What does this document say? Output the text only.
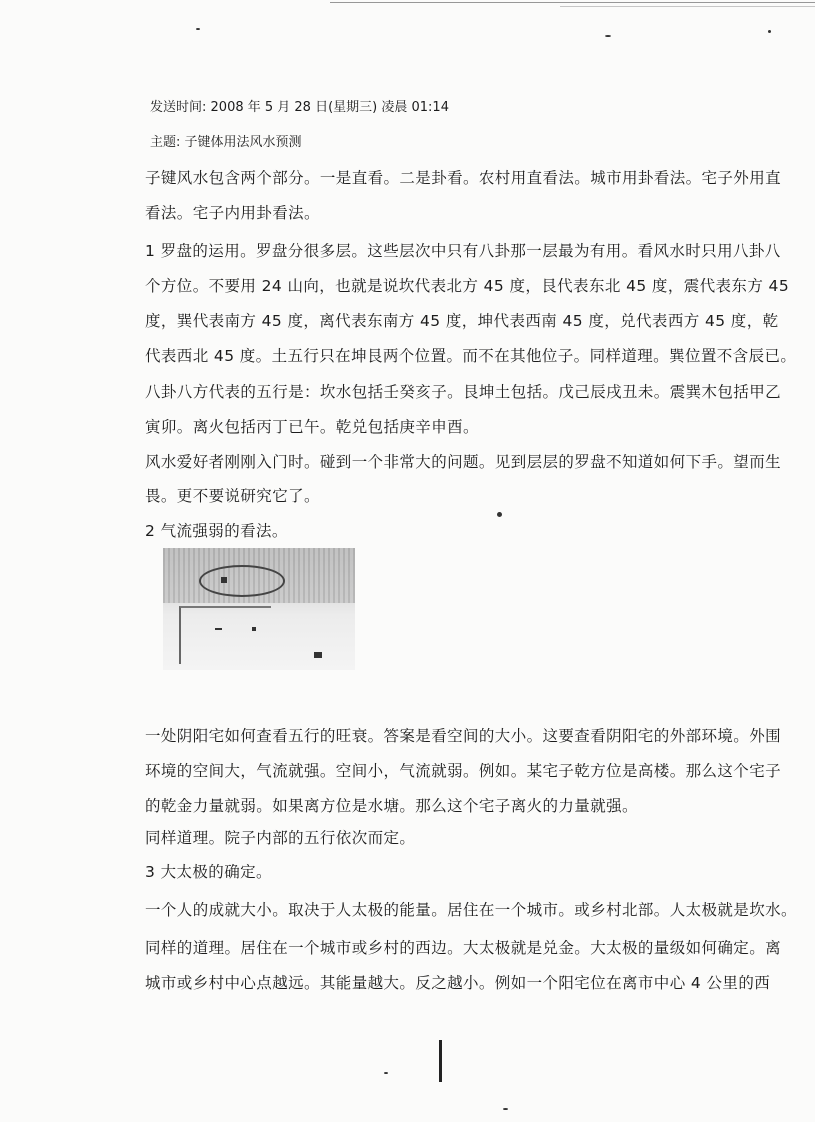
发送时间: 2008 年 5 月 28 日(星期三) 凌晨 01:14
主题: 子键体用法风水预测
子键风水包含两个部分。一是直看。二是卦看。农村用直看法。城市用卦看法。宅子外用直
看法。宅子内用卦看法。
1 罗盘的运用。罗盘分很多层。这些层次中只有八卦那一层最为有用。看风水时只用八卦八
个方位。不要用 24 山向，也就是说坎代表北方 45 度，艮代表东北 45 度，震代表东方 45
度，巽代表南方 45 度，离代表东南方 45 度，坤代表西南 45 度，兑代表西方 45 度，乾
代表西北 45 度。土五行只在坤艮两个位置。而不在其他位子。同样道理。巽位置不含辰已。
八卦八方代表的五行是：坎水包括壬癸亥子。艮坤土包括。戊己辰戌丑未。震巽木包括甲乙
寅卯。离火包括丙丁已午。乾兑包括庚辛申酉。
风水爱好者刚刚入门时。碰到一个非常大的问题。见到层层的罗盘不知道如何下手。望而生
畏。更不要说研究它了。
2 气流强弱的看法。
一处阴阳宅如何查看五行的旺衰。答案是看空间的大小。这要查看阴阳宅的外部环境。外围
环境的空间大，气流就强。空间小，气流就弱。例如。某宅子乾方位是高楼。那么这个宅子
的乾金力量就弱。如果离方位是水塘。那么这个宅子离火的力量就强。
同样道理。院子内部的五行依次而定。
3 大太极的确定。
一个人的成就大小。取决于人太极的能量。居住在一个城市。或乡村北部。人太极就是坎水。
同样的道理。居住在一个城市或乡村的西边。大太极就是兑金。大太极的量级如何确定。离
城市或乡村中心点越远。其能量越大。反之越小。例如一个阳宅位在离市中心 4 公里的西
